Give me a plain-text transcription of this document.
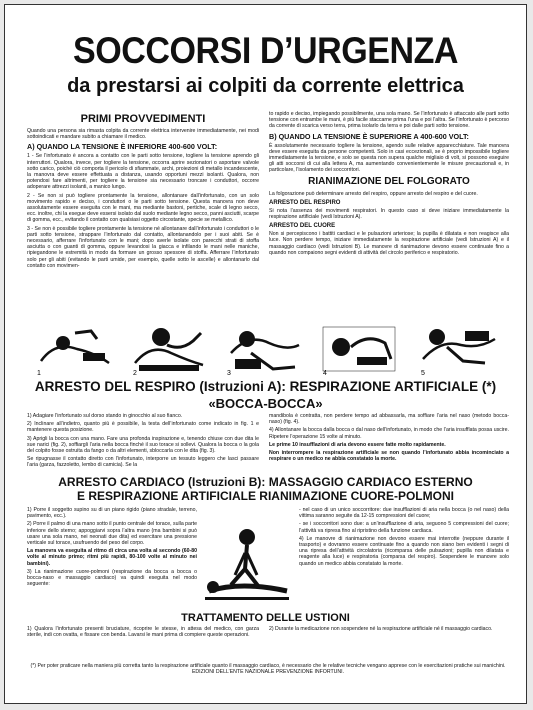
SOCCORSI D’URGENZA
da prestarsi ai colpiti da corrente elettrica
PRIMI PROVVEDIMENTI

Quando una persona sia rimasta colpita da corrente elettrica intervenire immediatamente, nei modi sottoindicati e mandare subito a chiamare il medico.

A) QUANDO LA TENSIONE È INFERIORE 400-600 VOLT:

1 - Se l’infortunato è ancora a contatto con le parti sotto tensione, togliere la tensione aprendo gli interruttori. Qualora, invece, per togliere la tensione, occorra aprire sezionatori o asportare valvole sotto carico, poiché ciò comporta il pericolo di sfiammate, archi, proiezioni di metallo incandescente, la manovra deve essere effettuata a distanza, usando opportuni mezzi isolanti. Qualora, non potendosi fare altrimenti, per togliere la tensione sia necessario troncare i conduttori, occorre adoperare attrezzi isolanti, a manico lungo.

2 - Se non si può togliere prontamente la tensione, allontanare dall’infortunato, con un solo movimento rapido e deciso, i conduttori o le parti sotto tensione. Questa manovra non deve assolutamente essere eseguita con le mani, ma mediante bastoni, pertiche, scale di legno secco, ecc. inoltre, chi la esegue deve essersi isolato dal suolo mediante legno secco, panni asciutti, scarpe di gomma, ecc., evitando il contatto con qualsiasi oggetto circostante, specie se metallico.

3 - Se non è possibile togliere prontamente la tensione né allontanare dall’infortunato i conduttori o le parti sotto tensione, strappare l’infortunato dal contatto, allontanandolo per i suoi abiti. Se è necessario, afferrare l’infortunato con le mani; dopo averle isolate con parecchi strati di stoffa asciutta o con guanti di gomma, oppure levandosi la giacca e infilando le mani nelle maniche, ripiegandone le estremità in modo da formare un grosso spessore di stoffa. Afferrare l’infortunato solo per gli abiti (evitando le parti umide, per esempio, quelle sotto le ascelle) e allontanarlo dal contatto con movimen-

to rapido e deciso, impiegando possibilmente, una sola mano. Se l’infortunato è attaccato alle parti sotto tensione con entrambe le mani, è più facile staccarne prima l’una e poi l’altra. Se l’infortunato è percorso da corrente di scarica verso terra, prima isolarlo da terra e poi dalle parti sotto tensione.

B) QUANDO LA TENSIONE È SUPERIORE A 400-600 VOLT:

È assolutamente necessario togliere la tensione, agendo sulle relative apparecchiature. Tale manovra deve essere eseguita da persone competenti. Solo in casi eccezionali, se è proprio impossibile togliere immediatamente la tensione, e solo se questa non supera qualche migliaio di volt, si possono eseguire gli atti soccorsi di cui alla lettera A, ma aumentando convenientemente le misure precauzionali e, in particolare, l’isolamento dei soccorritori.

RIANIMAZIONE DEL FOLGORATO

La folgorazione può determinare arresto del respiro, oppure arresto del respiro e del cuore.

ARRESTO DEL RESPIRO

Si nota l’assenza dei movimenti respiratori. In questo caso si deve iniziare immediatamente la respirazione artificiale (vedi Istruzioni A).

ARRESTO DEL CUORE

Non si percepiscono i battiti cardiaci e le pulsazioni arteriose; la pupilla è dilatata e non reagisce alla luce. Non perdere tempo, iniziare immediatamente la respirazione artificiale (vedi Istruzioni A) e il massaggio cardiaco (vedi Istruzioni B). Le manovre di rianimazione devono essere continuate fino a quando non compaiono segni evidenti di attività del circolo periferico e respiratorio.

1	2	3	4	5
ARRESTO DEL RESPIRO (Istruzioni A): RESPIRAZIONE ARTIFICIALE (*)
«BOCCA-BOCCA»

1) Adagiare l’infortunato sul dorso stando in ginocchio al suo fianco.

2) Inclinare all’indietro, quanto più è possibile, la testa dell’infortunato come indicato in fig. 1 e mantenere questa posizione.

3) Aprigli la bocca con una mano. Fare una profonda inspirazione e, tenendo chiuse con due dita le sue narici (fig. 2), soffiargli l’aria nella bocca finché il suo torace si sollevi. Qualora la bocca o la gola del colpito fosse ostruita da fango o da altri elementi, sbloccarla con le dita (fig. 3).

Se ripugnasse il contatto diretto con l’infortunato, interporre un tessuto leggero che lasci passare l’aria (garza, fazzoletto, lembo di camicia). Se la

mandibola è contratta, non perdere tempo ad abbassarla, ma soffiare l’aria nel naso (metodo bocca-naso) (fig. 4).

4) Allontanare la bocca dalla bocca o dal naso dell’infortunato, in modo che l’aria insufflata possa uscire. Ripetere l’operazione 15 volte al minuto.

Le prime 10 insufflazioni di aria devono essere fatte molto rapidamente.

Non interrompere la respirazione artificiale se non quando l’infortunato abbia incominciato a respirare o un medico ne abbia constatato la morte.

ARRESTO CARDIACO (Istruzioni B): MASSAGGIO CARDIACO ESTERNO
E RESPIRAZIONE ARTIFICIALE RIANIMAZIONE CUORE-POLMONI

1) Porre il soggetto supino su di un piano rigido (piano stradale, terreno, pavimento, ecc.).

2) Porre il palmo di una mano sotto il punto centrale del torace, sulla parte inferiore dello sterno; appoggiarvi sopra l’altra mano (ma bambini si può usare una sola mano, nei neonati due dita) ed esercitare una pressione verticale sul torace, usufruendo del peso del corpo.

La manovra va eseguita al ritmo di circa una volta al secondo (60-80 volte al minuto primo; ritmi più rapidi, 80-100 volte al minuto nei bambini).

3) La rianimazione cuore-polmoni (respirazione da bocca a bocca o bocca-naso e massaggio cardiaco) va quindi eseguita nel modo seguente:

- nel caso di un unico soccorritore: due insufflazioni di aria nella bocca (o nel naso) della vittima saranno seguite da 12-15 compressioni del cuore;

- se i soccorritori sono due: a un’insufflazione di aria, seguono 5 compressioni del cuore; l’attività va ripresa fino al ripristino della funzione cardiaca.

4) Le manovre di rianimazione non devono essere mai interrotte (neppure durante il trasporto) e dovranno essere continuate fino a quando non siano ben evidenti i segni di una ripresa dell’attività circolatoria (ricomparsa delle pulsazioni; pupilla non dilatata e reagente alla luce) e respiratoria (comparsa del respiro). Sospendere le manovre solo quando un medico abbia constatato la morte.

TRATTAMENTO DELLE USTIONI

1) Qualora l’infortunato presenti bruciature, ricoprire le stesse, in attesa del medico, con garza sterile, indi con ovatta, e fissare con benda. Lavarsi le mani prima di compiere queste operazioni.

2) Durante la medicazione non sospendere né la respirazione artificiale né il massaggio cardiaco.

(*) Per poter praticare nella maniera più corretta tanto la respirazione artificiale quanto il massaggio cardiaco, è necessario che le relative tecniche vengano apprese con le esercitazioni pratiche sui manichini. EDIZIONI DELL’ENTE NAZIONALE PREVENZIONE INFORTUNI.
